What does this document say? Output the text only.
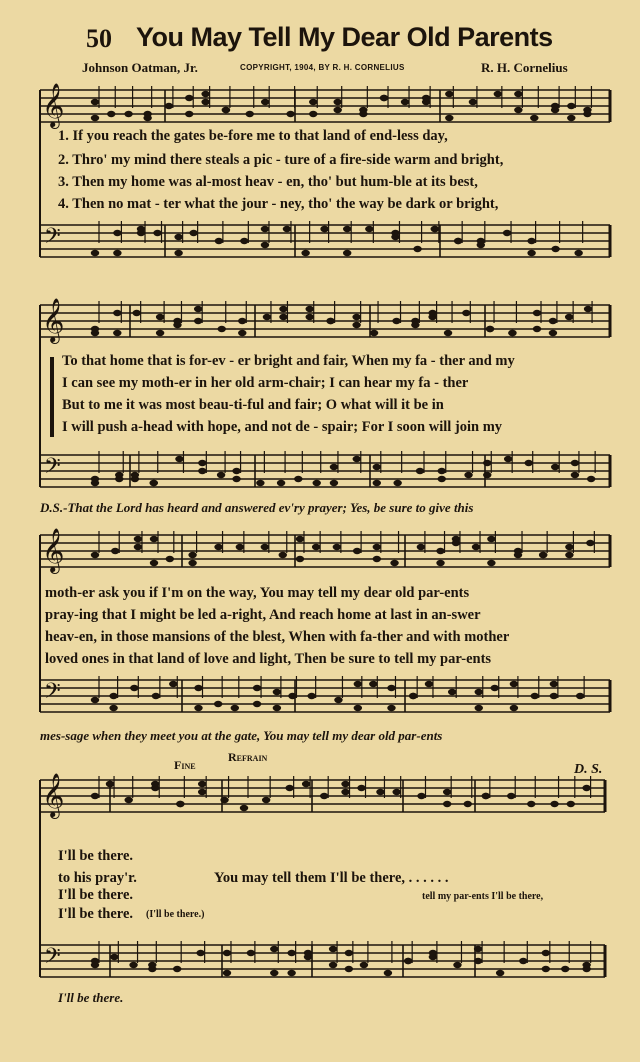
𝄞
𝄢
𝄞
𝄢
𝄞
𝄢
𝄞
𝄢
50 You May Tell My Dear Old Parents
Johnson Oatman, Jr.	COPYRIGHT, 1904, BY R. H. CORNELIUS	R. H. Cornelius
1. If you reach the gates be-fore me to that land of end-less day,
2. Thro' my mind there steals a pic - ture of a fire-side warm and bright,
3. Then my home was al-most heav - en, tho' but hum-ble at its best,
4. Then no mat - ter what the jour - ney, tho' the way be dark or bright,
To that home that is for-ev - er bright and fair, When my fa - ther and my
I can see my moth-er in her old arm-chair; I can hear my fa - ther
But to me it was most beau-ti-ful and fair; O what will it be in
I will push a-head with hope, and not de - spair; For I soon will join my
D.S.-That the Lord has heard and answered ev'ry prayer; Yes, be sure to give this
moth-er ask you if I'm on the way, You may tell my dear old par-ents
pray-ing that I might be led a-right, And reach home at last in an-swer
heav-en, in those mansions of the blest, When with fa-ther and with mother
loved ones in that land of love and light, Then be sure to tell my par-ents
mes-sage when they meet you at the gate, You may tell my dear old par-ents
Fine
Refrain
D. S.
I'll be there.
to his pray'r.
I'll be there.
I'll be there. (I'll be there.)
You may tell them I'll be there, . . . . . .
tell my par-ents I'll be there,
I'll be there.
